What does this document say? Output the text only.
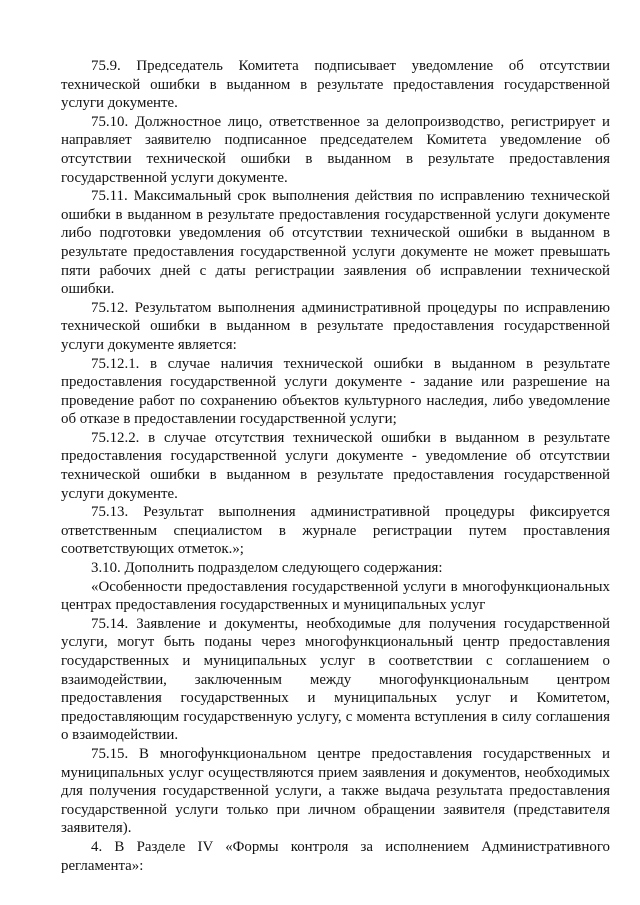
75.9. Председатель Комитета подписывает уведомление об отсутствии технической ошибки в выданном в результате предоставления государственной услуги документе.

75.10. Должностное лицо, ответственное за делопроизводство, регистрирует и направляет заявителю подписанное председателем Комитета уведомление об отсутствии технической ошибки в выданном в результате предоставления государственной услуги документе.

75.11. Максимальный срок выполнения действия по исправлению технической ошибки в выданном в результате предоставления государственной услуги документе либо подготовки уведомления об отсутствии технической ошибки в выданном в результате предоставления государственной услуги документе не может превышать пяти рабочих дней с даты регистрации заявления об исправлении технической ошибки.

75.12. Результатом выполнения административной процедуры по исправлению технической ошибки в выданном в результате предоставления государственной услуги документе является:

75.12.1. в случае наличия технической ошибки в выданном в результате предоставления государственной услуги документе - задание или разрешение на проведение работ по сохранению объектов культурного наследия, либо уведомление об отказе в предоставлении государственной услуги;

75.12.2. в случае отсутствия технической ошибки в выданном в результате предоставления государственной услуги документе - уведомление об отсутствии технической ошибки в выданном в результате предоставления государственной услуги документе.

75.13. Результат выполнения административной процедуры фиксируется ответственным специалистом в журнале регистрации путем проставления соответствующих отметок.»;

3.10. Дополнить подразделом следующего содержания:

«Особенности предоставления государственной услуги в многофункциональных центрах предоставления государственных и муниципальных услуг

75.14. Заявление и документы, необходимые для получения государственной услуги, могут быть поданы через многофункциональный центр предоставления государственных и муниципальных услуг в соответствии с соглашением о взаимодействии, заключенным между многофункциональным центром предоставления государственных и муниципальных услуг и Комитетом, предоставляющим государственную услугу, с момента вступления в силу соглашения о взаимодействии.

75.15. В многофункциональном центре предоставления государственных и муниципальных услуг осуществляются прием заявления и документов, необходимых для получения государственной услуги, а также выдача результата предоставления государственной услуги только при личном обращении заявителя (представителя заявителя).

4. В Разделе IV «Формы контроля за исполнением Административного регламента»:
